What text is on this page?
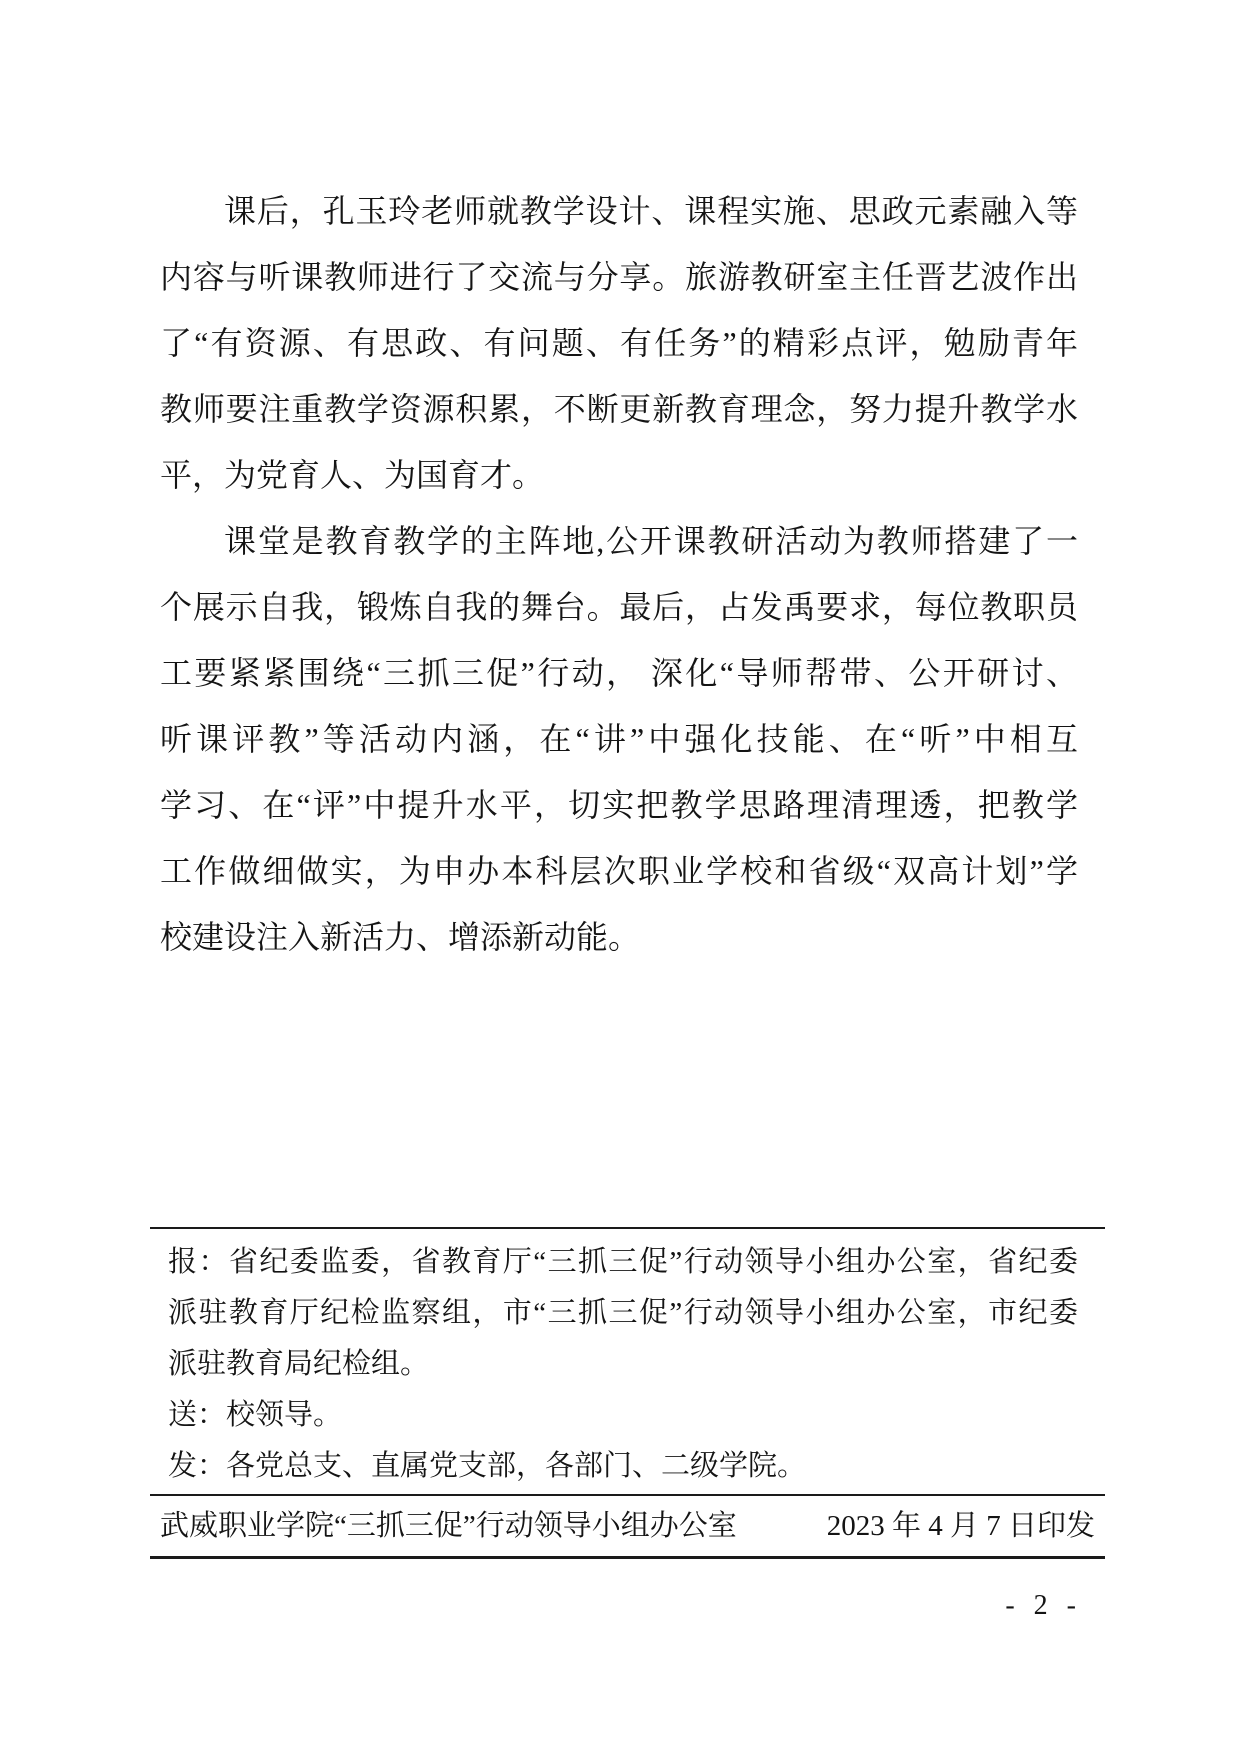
课后，孔玉玲老师就教学设计、课程实施、思政元素融入等

内容与听课教师进行了交流与分享。旅游教研室主任晋艺波作出

了“有资源、有思政、有问题、有任务”的精彩点评，勉励青年

教师要注重教学资源积累，不断更新教育理念，努力提升教学水

平，为党育人、为国育才。

课堂是教育教学的主阵地,公开课教研活动为教师搭建了一

个展示自我，锻炼自我的舞台。最后，占发禹要求，每位教职员

工要紧紧围绕“三抓三促”行动， 深化“导师帮带、公开研讨、

听课评教”等活动内涵，在“讲”中强化技能、在“听”中相互

学习、在“评”中提升水平，切实把教学思路理清理透，把教学

工作做细做实，为申办本科层次职业学校和省级“双高计划”学

校建设注入新活力、增添新动能。

报：省纪委监委，省教育厅“三抓三促”行动领导小组办公室，省纪委

派驻教育厅纪检监察组，市“三抓三促”行动领导小组办公室，市纪委

派驻教育局纪检组。

送：校领导。

发：各党总支、直属党支部，各部门、二级学院。

武威职业学院“三抓三促”行动领导小组办公室	2023 年 4 月 7 日印发
- 2 -
